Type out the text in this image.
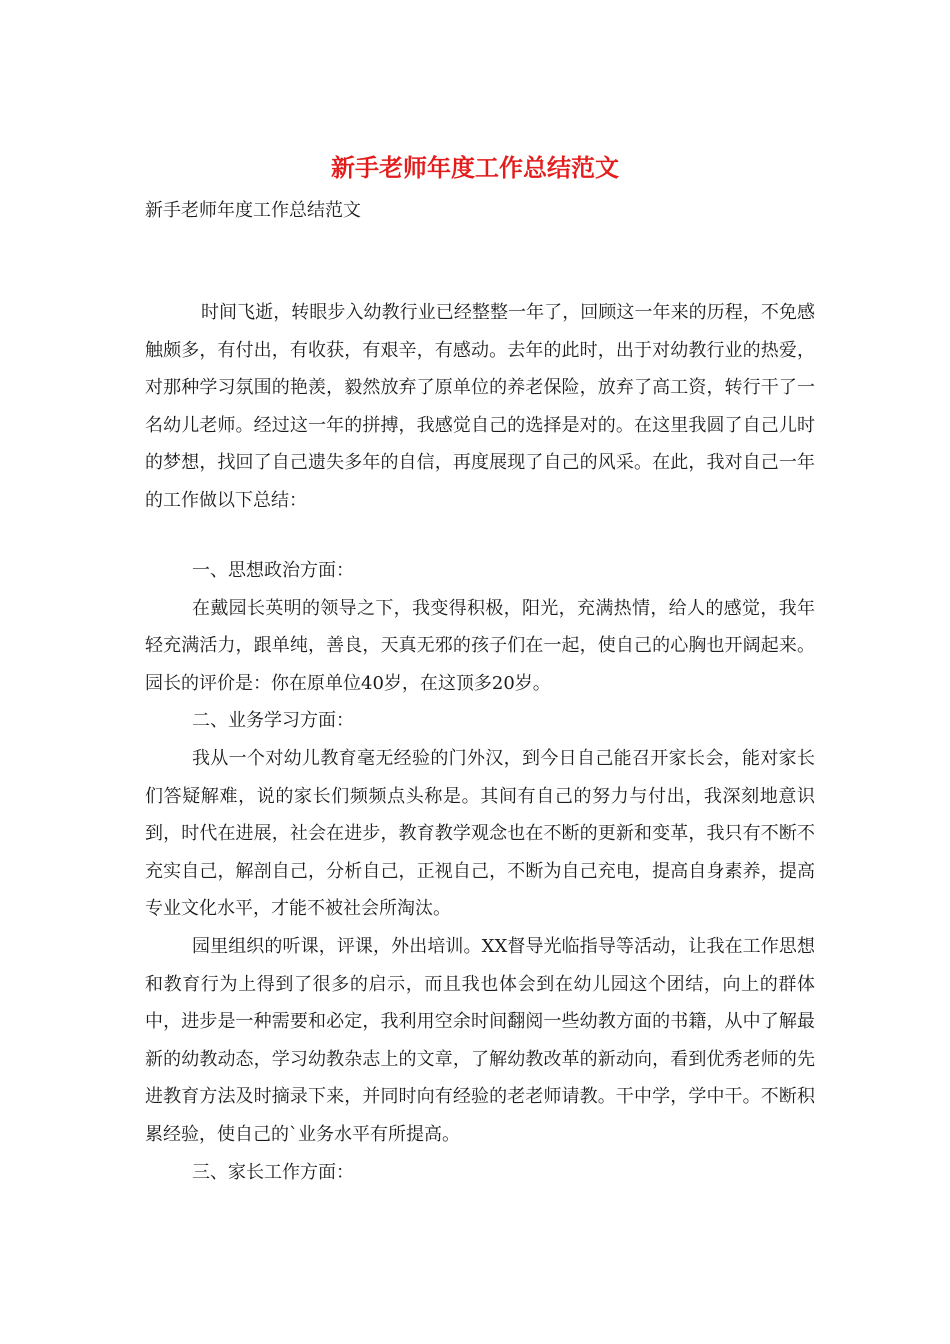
新手老师年度工作总结范文
新手老师年度工作总结范文

时间飞逝，转眼步入幼教行业已经整整一年了，回顾这一年来的历程，不免感触颇多，有付出，有收获，有艰辛，有感动。去年的此时，出于对幼教行业的热爱，对那种学习氛围的艳羡，毅然放弃了原单位的养老保险，放弃了高工资，转行干了一名幼儿老师。经过这一年的拼搏，我感觉自己的选择是对的。在这里我圆了自己儿时的梦想，找回了自己遗失多年的自信，再度展现了自己的风采。在此，我对自己一年的工作做以下总结：

一、思想政治方面：

在戴园长英明的领导之下，我变得积极，阳光，充满热情，给人的感觉，我年轻充满活力，跟单纯，善良，天真无邪的孩子们在一起，使自己的心胸也开阔起来。园长的评价是：你在原单位40岁，在这顶多20岁。

二、业务学习方面：

我从一个对幼儿教育毫无经验的门外汉，到今日自己能召开家长会，能对家长们答疑解难，说的家长们频频点头称是。其间有自己的努力与付出，我深刻地意识到，时代在进展，社会在进步，教育教学观念也在不断的更新和变革，我只有不断不充实自己，解剖自己，分析自己，正视自己，不断为自己充电，提高自身素养，提高专业文化水平，才能不被社会所淘汰。

园里组织的听课，评课，外出培训。XX督导光临指导等活动，让我在工作思想和教育行为上得到了很多的启示，而且我也体会到在幼儿园这个团结，向上的群体中，进步是一种需要和必定，我利用空余时间翻阅一些幼教方面的书籍，从中了解最新的幼教动态，学习幼教杂志上的文章，了解幼教改革的新动向，看到优秀老师的先进教育方法及时摘录下来，并同时向有经验的老老师请教。干中学，学中干。不断积累经验，使自己的`业务水平有所提高。

三、家长工作方面：
